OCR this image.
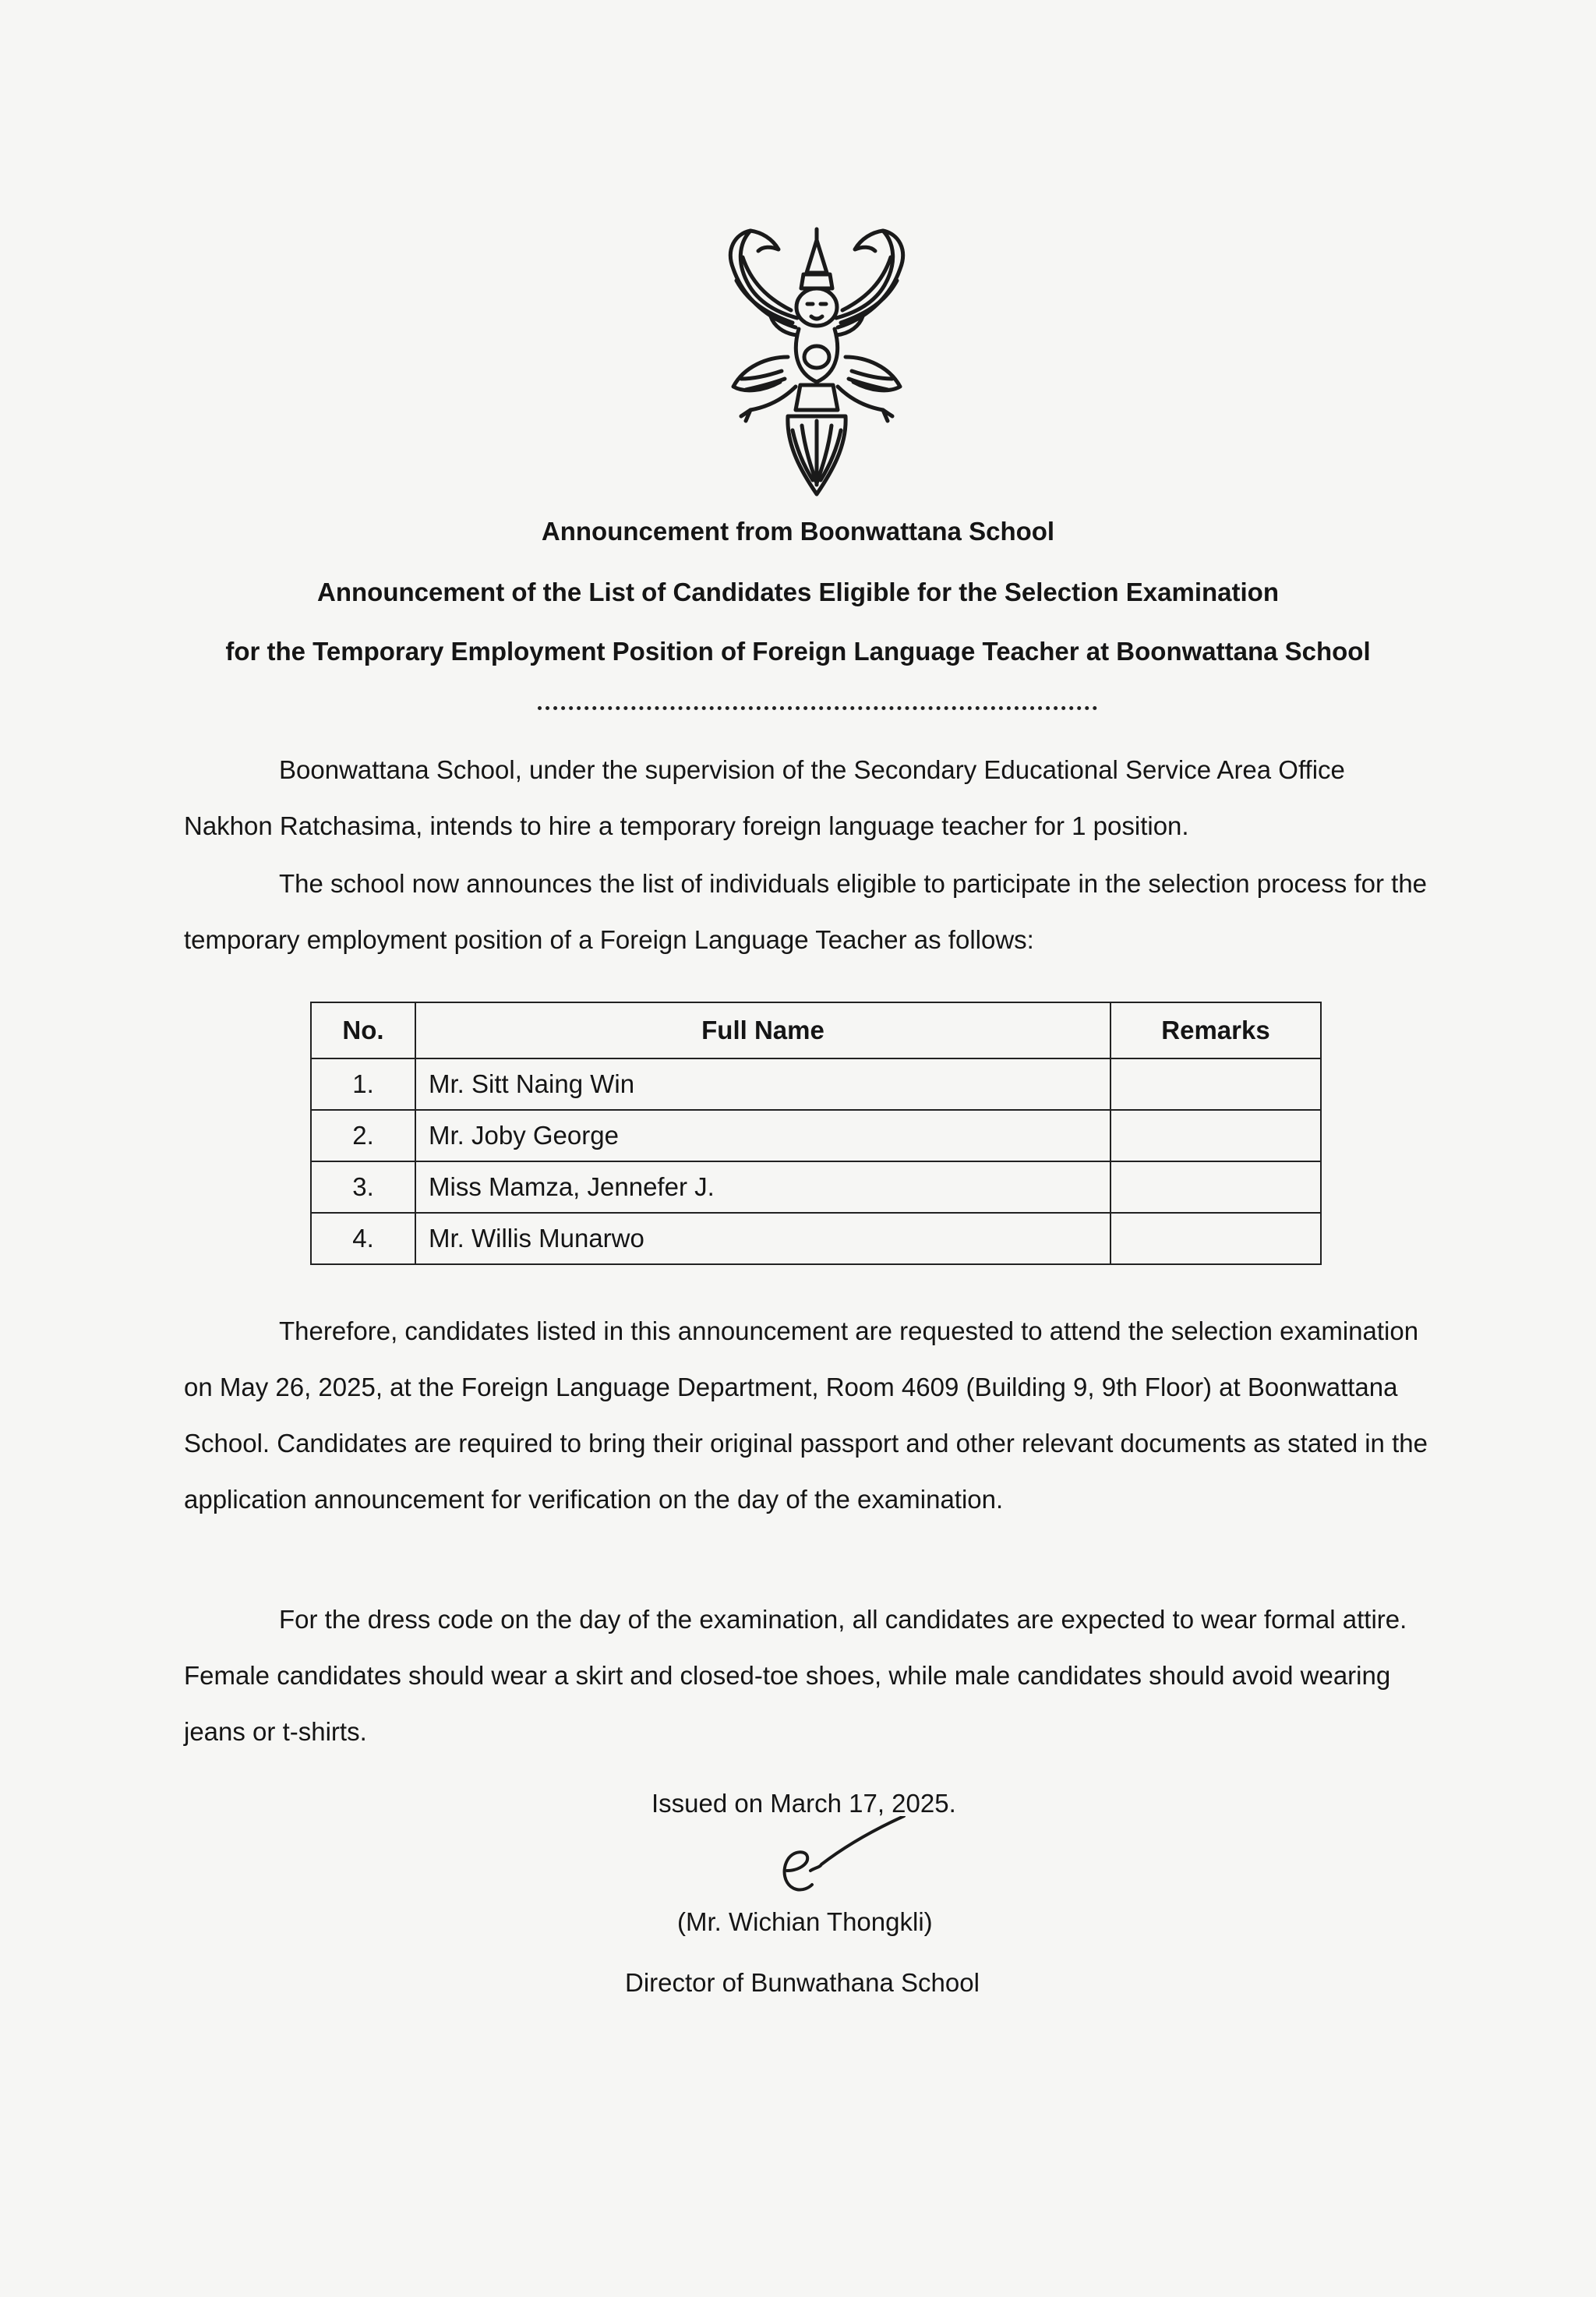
Announcement from Boonwattana School
Announcement of the List of Candidates Eligible for the Selection Examination
for the Temporary Employment Position of Foreign Language Teacher at Boonwattana School

Boonwattana School, under the supervision of the Secondary Educational Service Area Office Nakhon Ratchasima, intends to hire a temporary foreign language teacher for 1 position.

The school now announces the list of individuals eligible to participate in the selection process for the temporary employment position of a Foreign Language Teacher as follows:

No.	Full Name	Remarks
1.	Mr. Sitt Naing Win	
2.	Mr. Joby George	
3.	Miss Mamza, Jennefer J.	
4.	Mr. Willis Munarwo	

Therefore, candidates listed in this announcement are requested to attend the selection examination on May 26, 2025, at the Foreign Language Department, Room 4609 (Building 9, 9th Floor) at Boonwattana School. Candidates are required to bring their original passport and other relevant documents as stated in the application announcement for verification on the day of the examination.

For the dress code on the day of the examination, all candidates are expected to wear formal attire. Female candidates should wear a skirt and closed-toe shoes, while male candidates should avoid wearing jeans or t-shirts.

Issued on March 17, 2025.
(Mr. Wichian Thongkli)
Director of Bunwathana School
